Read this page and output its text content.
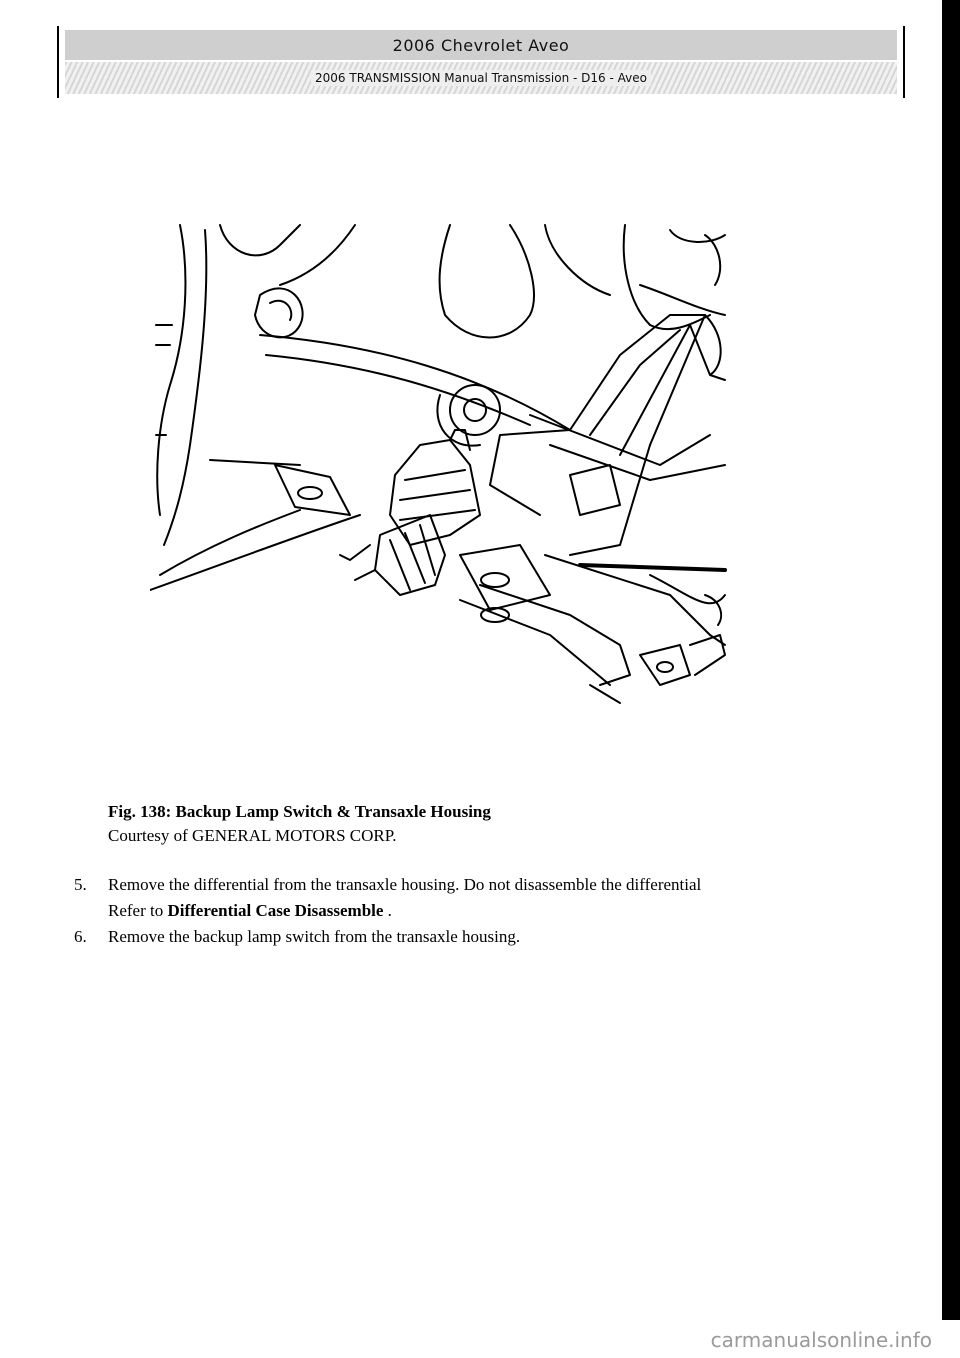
2006 Chevrolet Aveo
2006 TRANSMISSION Manual Transmission - D16 - Aveo
Fig. 138: Backup Lamp Switch & Transaxle Housing
Courtesy of GENERAL MOTORS CORP.
5.	Remove the differential from the transaxle housing. Do not disassemble the differential
Refer to Differential Case Disassemble .
6.	Remove the backup lamp switch from the transaxle housing.
carmanualsonline.info
